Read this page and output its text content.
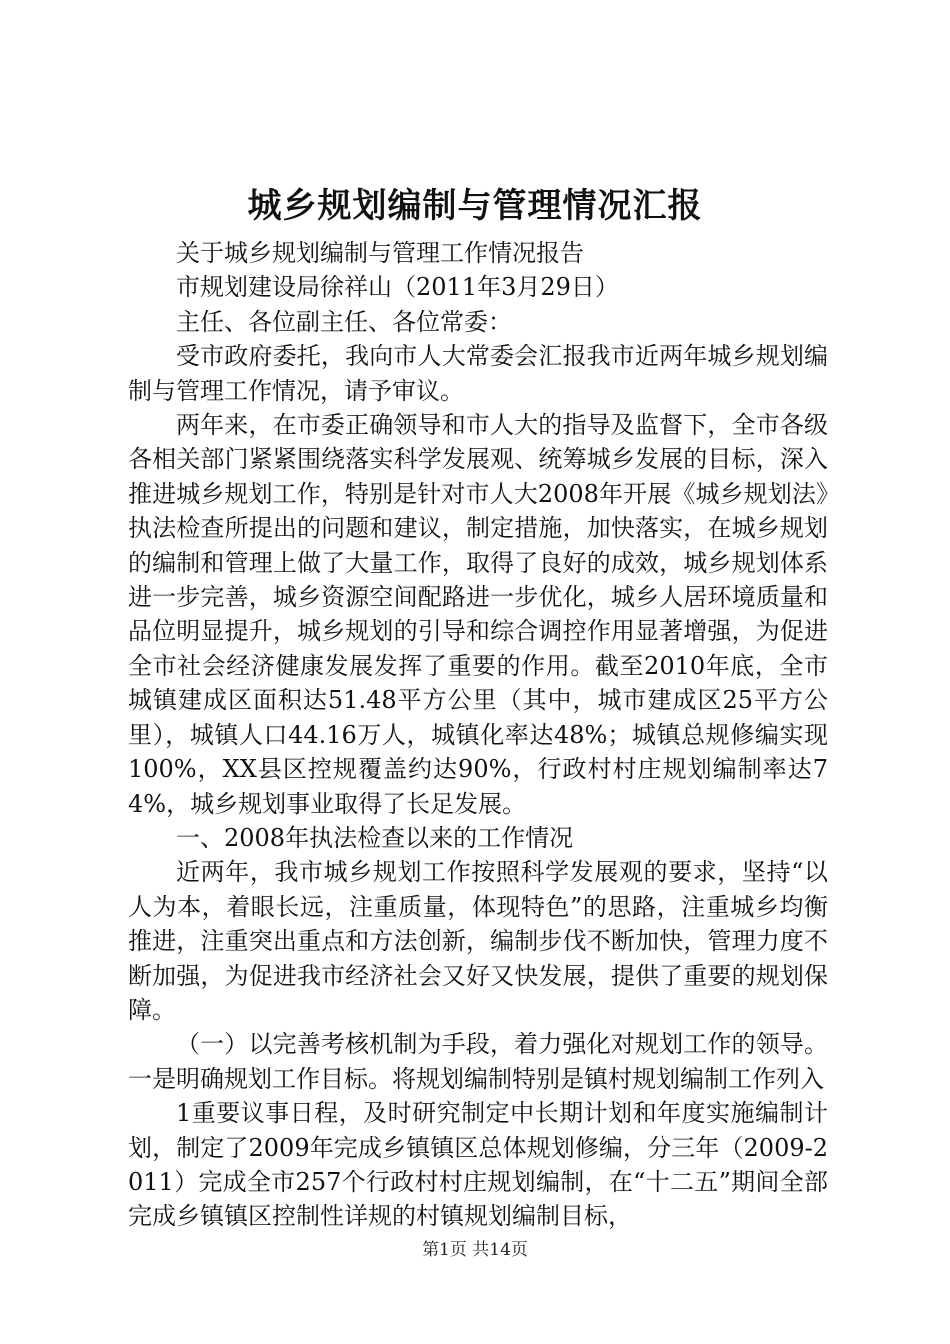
城乡规划编制与管理情况汇报

关于城乡规划编制与管理工作情况报告

市规划建设局徐祥山（2011年3月29日）

主任、各位副主任、各位常委：

受市政府委托，我向市人大常委会汇报我市近两年城乡规划编制与管理工作情况，请予审议。

两年来，在市委正确领导和市人大的指导及监督下，全市各级各相关部门紧紧围绕落实科学发展观、统筹城乡发展的目标，深入推进城乡规划工作，特别是针对市人大2008年开展《城乡规划法》执法检查所提出的问题和建议，制定措施，加快落实，在城乡规划的编制和管理上做了大量工作，取得了良好的成效，城乡规划体系进一步完善，城乡资源空间配路进一步优化，城乡人居环境质量和品位明显提升，城乡规划的引导和综合调控作用显著增强，为促进全市社会经济健康发展发挥了重要的作用。截至2010年底，全市城镇建成区面积达51.48平方公里（其中，城市建成区25平方公里），城镇人口44.16万人，城镇化率达48%；城镇总规修编实现100%，XX县区控规覆盖约达90%，行政村村庄规划编制率达74%，城乡规划事业取得了长足发展。

一、2008年执法检查以来的工作情况

近两年，我市城乡规划工作按照科学发展观的要求，坚持“以人为本，着眼长远，注重质量，体现特色”的思路，注重城乡均衡推进，注重突出重点和方法创新，编制步伐不断加快，管理力度不断加强，为促进我市经济社会又好又快发展，提供了重要的规划保障。

（一）以完善考核机制为手段，着力强化对规划工作的领导。一是明确规划工作目标。将规划编制特别是镇村规划编制工作列入

1重要议事日程，及时研究制定中长期计划和年度实施编制计划，制定了2009年完成乡镇镇区总体规划修编，分三年（2009-2011）完成全市257个行政村村庄规划编制，在“十二五”期间全部完成乡镇镇区控制性详规的村镇规划编制目标，

第1页 共14页
